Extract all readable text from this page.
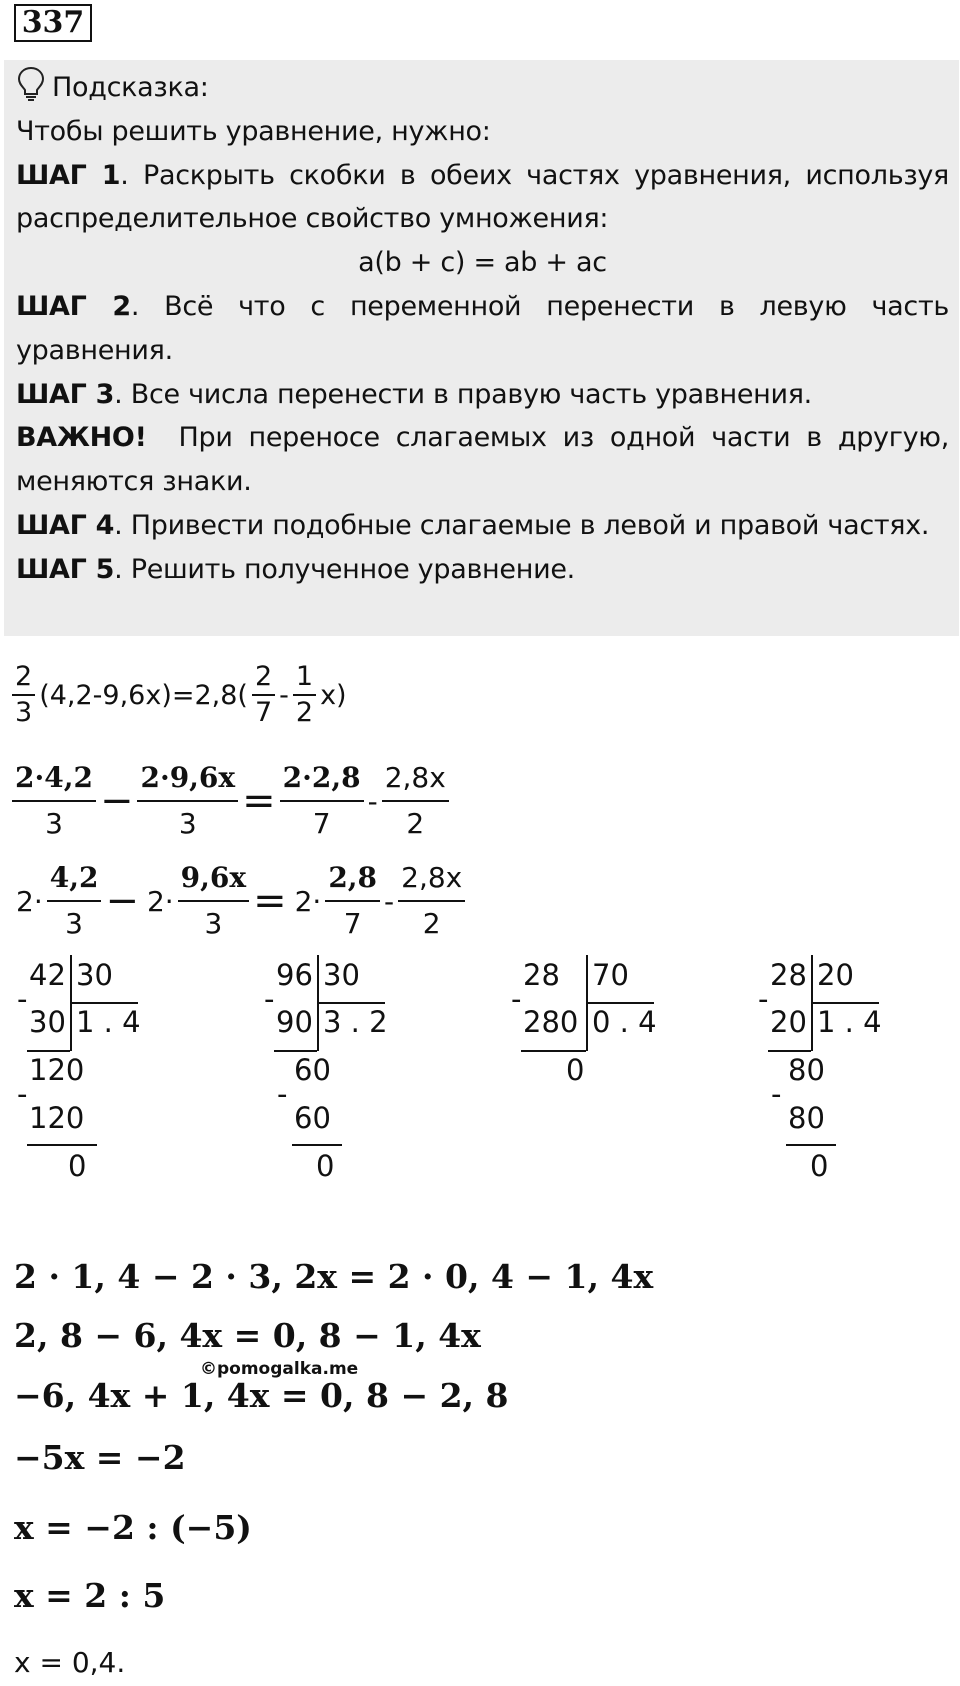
337

Подсказка:

Чтобы решить уравнение, нужно:

ШАГ 1. Раскрыть скобки в обеих частях уравнения, используя распределительное свойство умножения:

a(b + c) = ab + ac

ШАГ 2. Всё что с переменной перенести в левую часть уравнения.

ШАГ 3. Все числа перенести в правую часть уравнения.

ВАЖНО!  При переносе слагаемых из одной части в другую, меняются знаки.

ШАГ 4. Привести подобные слагаемые в левой и правой частях.

ШАГ 5. Решить полученное уравнение.

$\frac{2}{3} (4,2-9,6x)=2,8( \frac{2}{7} - \frac{1}{2} x)$
$\frac{2\cdot 4,2}{3} - \frac{2\cdot 9,6x}{3} = \frac{2\cdot 2,8}{7} - \frac{2,8x}{2}$
$2\cdot \frac{4,2}{3} - 2\cdot \frac{9,6x}{3} = 2\cdot \frac{2,8}{7} - \frac{2,8x}{2}$
-
42 30
30 1 . 4
120
-
120
0
-
96 30
90 3 . 2
60
-
60
0
-
28 70
280 0 . 4
0
-
28 20
20 1 . 4
80
-
80
0
2 · 1, 4 − 2 · 3, 2x = 2 · 0, 4 − 1, 4x
2, 8 − 6, 4x = 0, 8 − 1, 4x
©pomogalka.me
−6, 4x + 1, 4x = 0, 8 − 2, 8
−5x = −2
x = −2 : (−5)
x = 2 : 5
x = 0,4.
